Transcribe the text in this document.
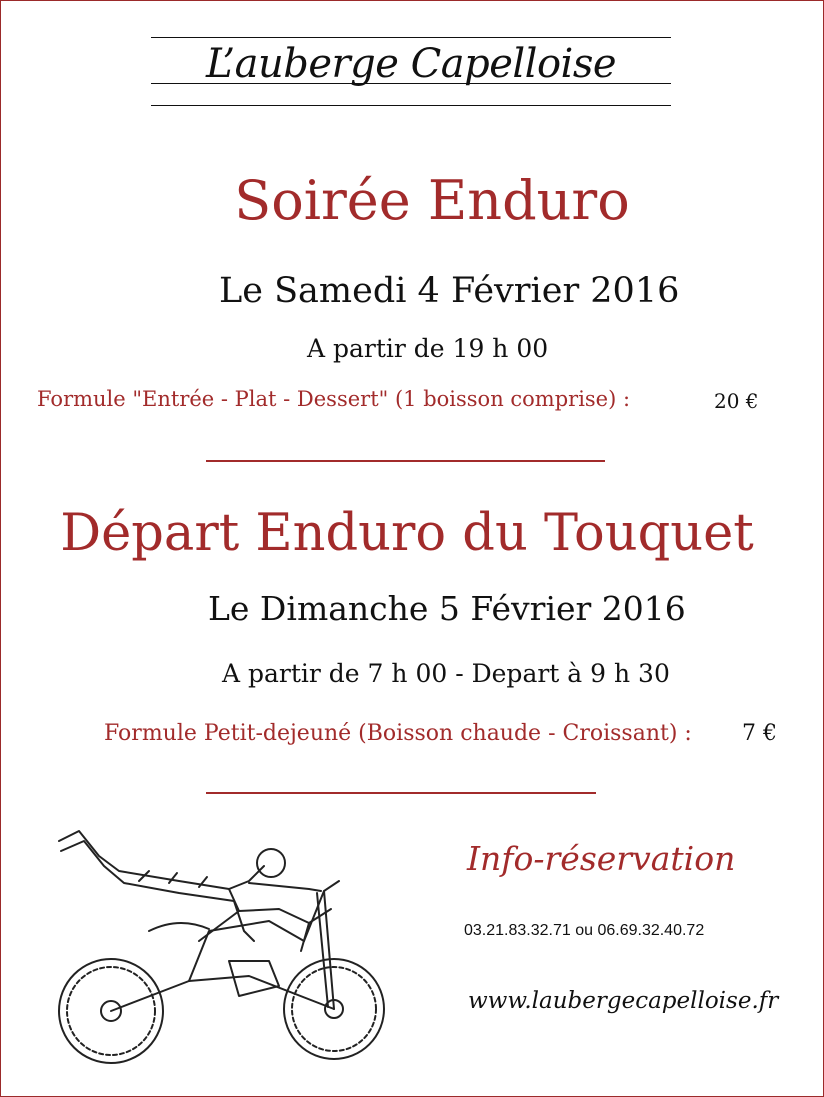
L’auberge Capelloise
Soirée Enduro
Le Samedi 4 Février 2016
A partir de 19 h 00
Formule "Entrée - Plat - Dessert" (1 boisson comprise) :	20 €
Départ Enduro du Touquet
Le Dimanche 5 Février 2016
A partir de 7 h 00 - Depart à 9 h 30
Formule Petit-dejeuné (Boisson chaude - Croissant) : 7 €
Info-réservation
03.21.83.32.71 ou 06.69.32.40.72
www.laubergecapelloise.fr
